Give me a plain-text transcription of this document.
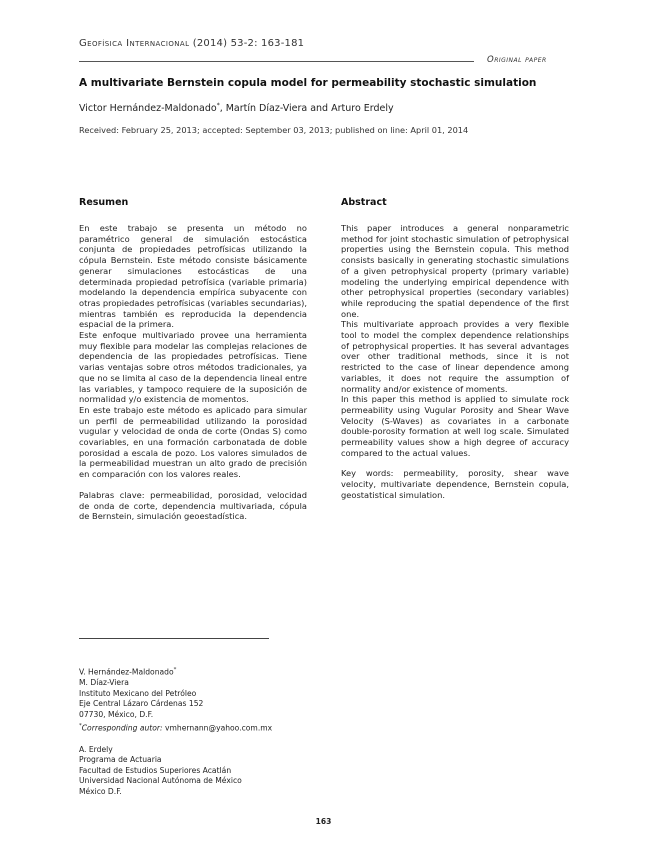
Geofísica Internacional (2014) 53-2: 163-181
Original paper
A multivariate Bernstein copula model for permeability stochastic simulation
Victor Hernández-Maldonado*, Martín Díaz-Viera and Arturo Erdely
Received: February 25, 2013; accepted: September 03, 2013; published on line: April 01, 2014
Resumen

En este trabajo se presenta un método no paramétrico general de simulación estocástica conjunta de propiedades petrofísicas utilizando la cópula Bernstein. Este método consiste básicamente generar simulaciones estocásticas de una determinada propiedad petrofísica (variable primaria) modelando la dependencia empírica subyacente con otras propiedades petrofísicas (variables secundarias), mientras también es reproducida la dependencia espacial de la primera.

Este enfoque multivariado provee una herramienta muy flexible para modelar las complejas relaciones de dependencia de las propiedades petrofísicas. Tiene varias ventajas sobre otros métodos tradicionales, ya que no se limita al caso de la dependencia lineal entre las variables, y tampoco requiere de la suposición de normalidad y/o existencia de momentos.

En este trabajo este método es aplicado para simular un perfil de permeabilidad utilizando la porosidad vugular y velocidad de onda de corte (Ondas S) como covariables, en una formación carbonatada de doble porosidad a escala de pozo. Los valores simulados de la permeabilidad muestran un alto grado de precisión en comparación con los valores reales.

Palabras clave: permeabilidad, porosidad, velocidad de onda de corte, dependencia multivariada, cópula de Bernstein, simulación geoestadística.

Abstract

This paper introduces a general nonparametric method for joint stochastic simulation of petrophysical properties using the Bernstein copula. This method consists basically in generating stochastic simulations of a given petrophysical property (primary variable) modeling the underlying empirical dependence with other petrophysical properties (secondary variables) while reproducing the spatial dependence of the first one.

This multivariate approach provides a very flexible tool to model the complex dependence relationships of petrophysical properties. It has several advantages over other traditional methods, since it is not restricted to the case of linear dependence among variables, it does not require the assumption of normality and/or existence of moments.

In this paper this method is applied to simulate rock permeability using Vugular Porosity and Shear Wave Velocity (S-Waves) as covariates in a carbonate double-porosity formation at well log scale. Simulated permeability values show a high degree of accuracy compared to the actual values.

Key words: permeability, porosity, shear wave velocity, multivariate dependence, Bernstein copula, geostatistical simulation.

V. Hernández-Maldonado*

M. Díaz-Viera

Instituto Mexicano del Petróleo

Eje Central Lázaro Cárdenas 152

07730, México, D.F.

*Corresponding autor: vmhernann@yahoo.com.mx

A. Erdely

Programa de Actuaria

Facultad de Estudios Superiores Acatlán

Universidad Nacional Autónoma de México

México D.F.

163
